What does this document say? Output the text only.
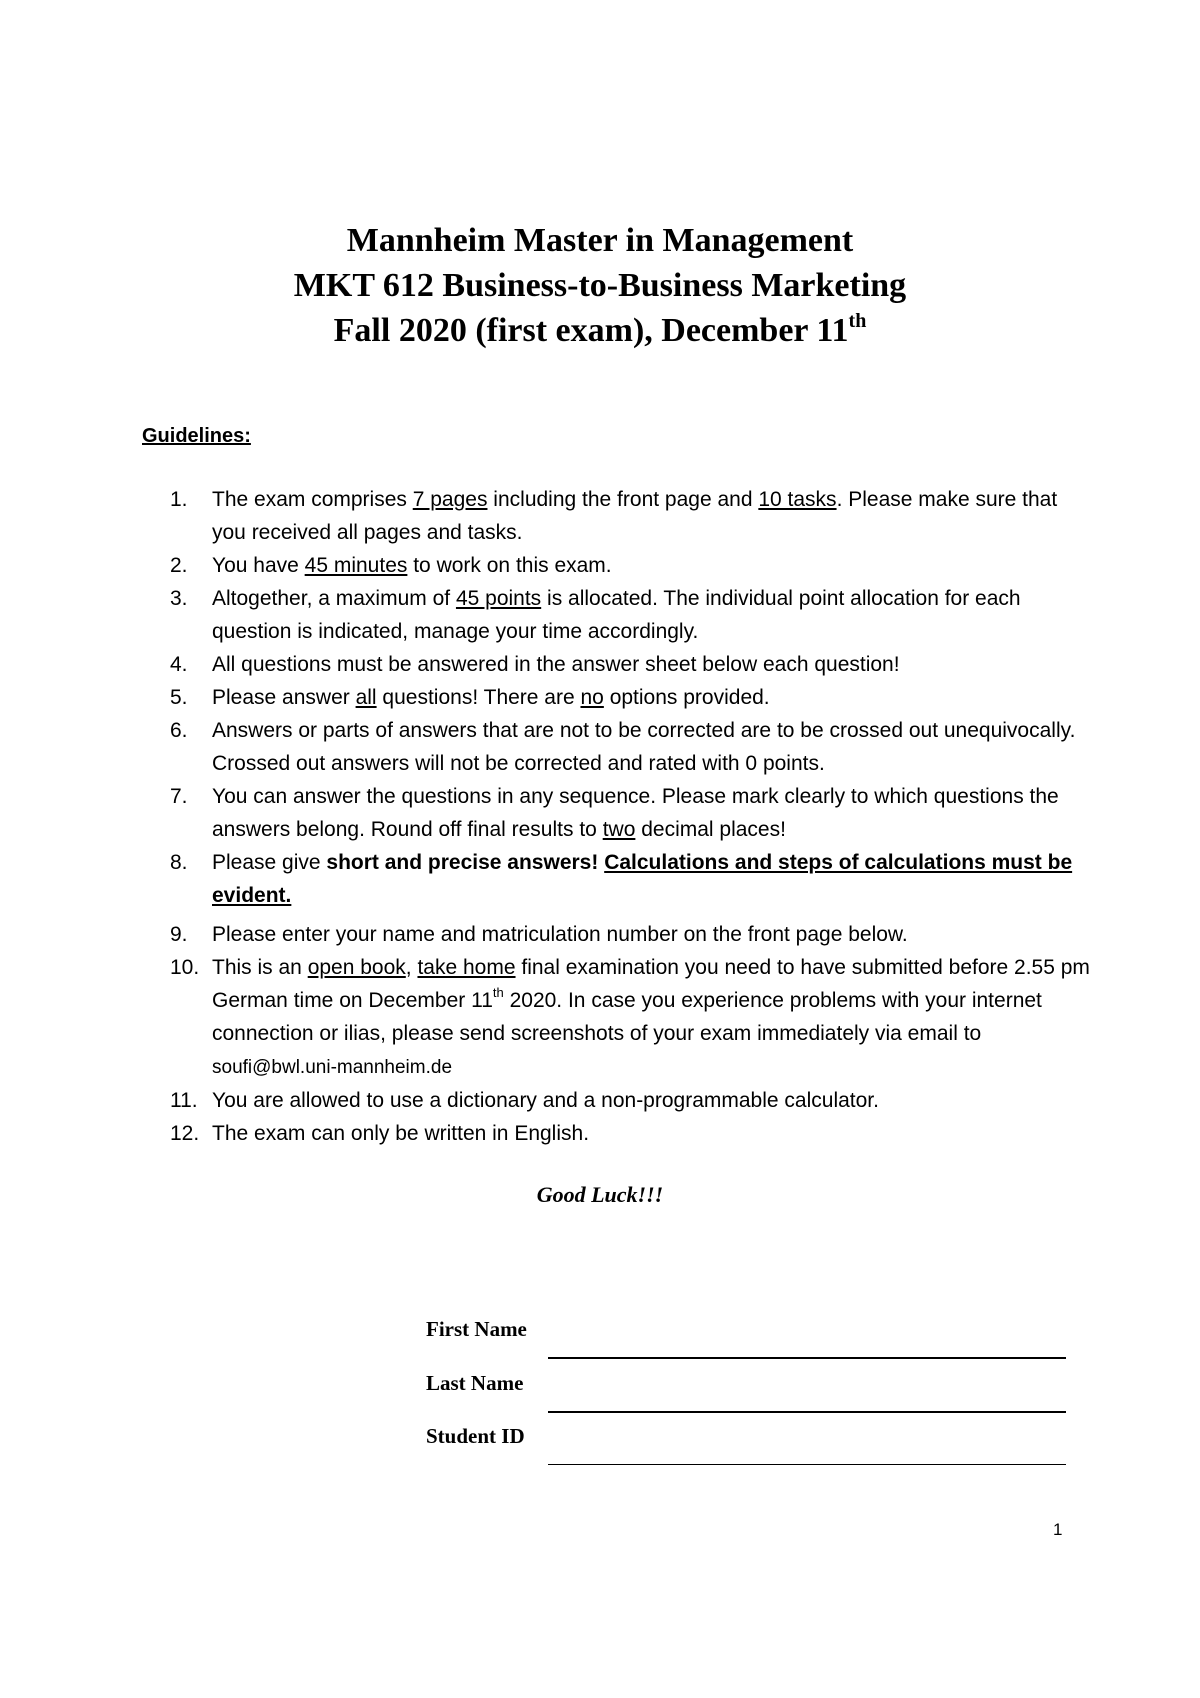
Mannheim Master in Management
MKT 612 Business-to-Business Marketing
Fall 2020 (first exam), December 11th
Guidelines:
1.	The exam comprises 7 pages including the front page and 10 tasks. Please make sure that you received all pages and tasks.
2.	You have 45 minutes to work on this exam.
3.	Altogether, a maximum of 45 points is allocated. The individual point allocation for each question is indicated, manage your time accordingly.
4.	All questions must be answered in the answer sheet below each question!
5.	Please answer all questions! There are no options provided.
6.	Answers or parts of answers that are not to be corrected are to be crossed out unequivocally. Crossed out answers will not be corrected and rated with 0 points.
7.	You can answer the questions in any sequence. Please mark clearly to which questions the answers belong. Round off final results to two decimal places!
8.	Please give short and precise answers! Calculations and steps of calculations must be evident.
9.	Please enter your name and matriculation number on the front page below.
10. This is an open book, take home final examination you need to have submitted before 2.55 pm German time on December 11th 2020. In case you experience problems with your internet connection or ilias, please send screenshots of your exam immediately via email to soufi@bwl.uni-mannheim.de
11. You are allowed to use a dictionary and a non-programmable calculator.
12. The exam can only be written in English.
Good Luck!!!
First Name
Last Name
Student ID
1
